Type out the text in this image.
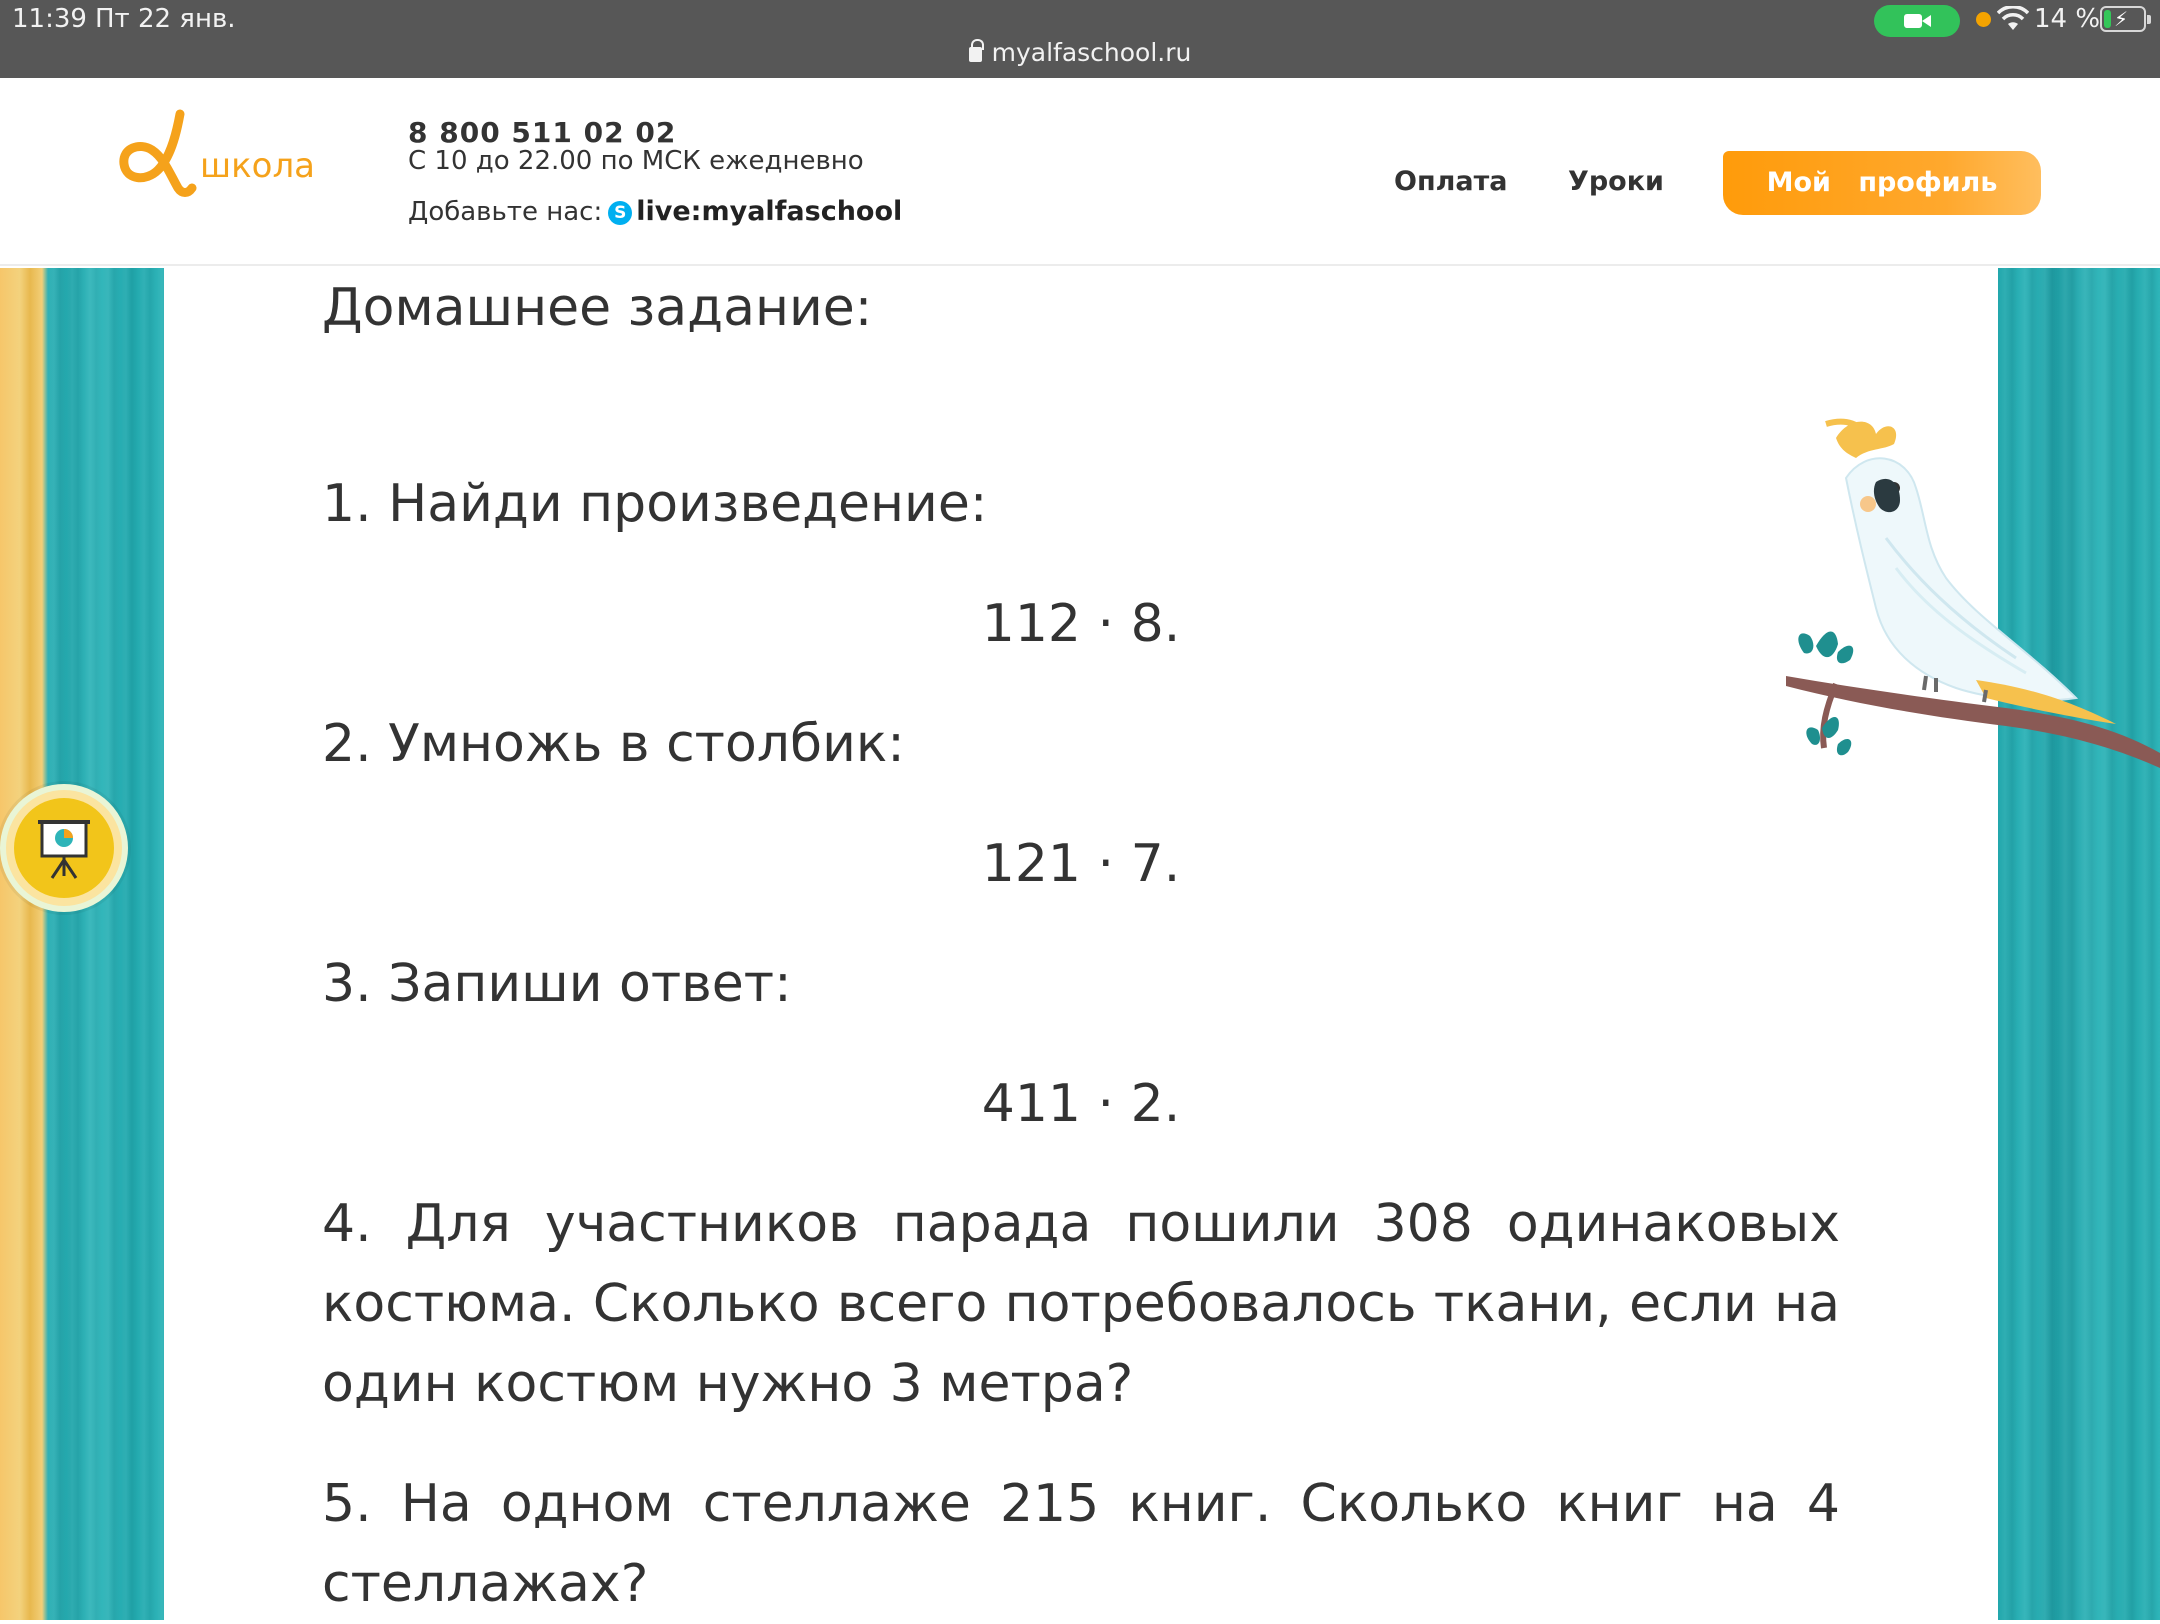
11:39 Пт 22 янв.
myalfaschool.ru
14 % ⚡
школа
8 800 511 02 02
С 10 до 22.00 по МСК ежедневно
Добавьте нас: S live:myalfaschool
Оплата Уроки	Мой профиль
Домашнее задание:
1. Найди произведение:
112 · 8.
2. Умножь в столбик:
121 · 7.
3. Запиши ответ:
411 · 2.
4. Для участников парада пошили 308 одинаковых костюма. Сколько всего потребовалось ткани, если на один костюм нужно 3 метра?
5. На одном стеллаже 215 книг. Сколько книг на 4 стеллажах?
